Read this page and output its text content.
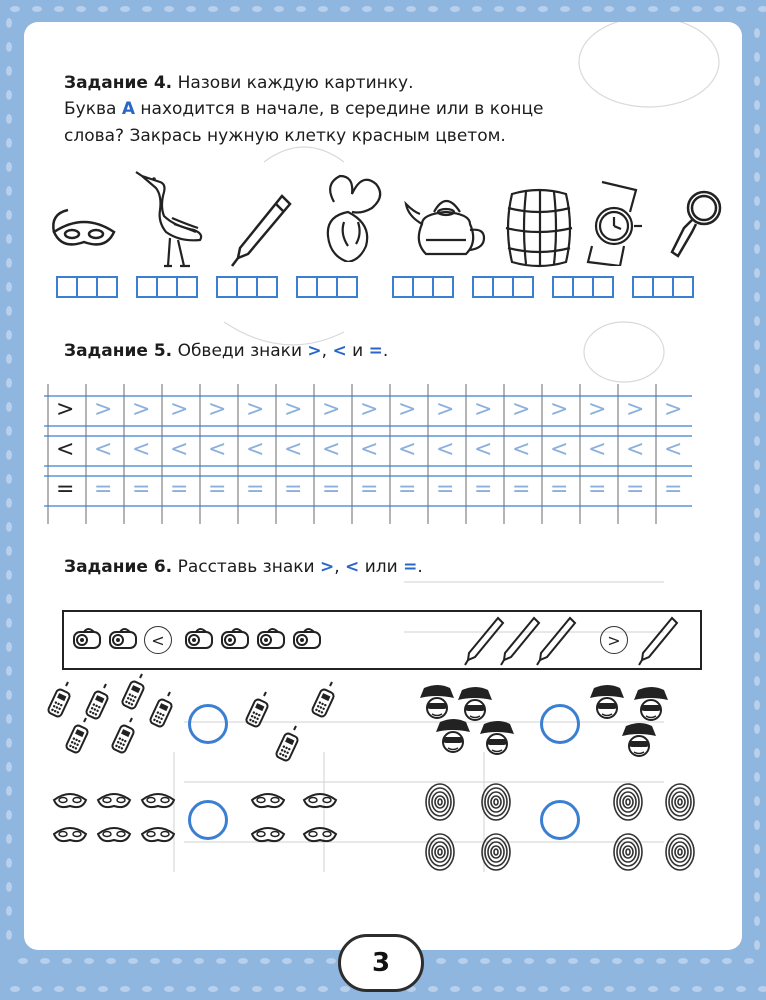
Задание 4. Назови каждую картинку.
Буква А находится в начале, в середине или в конце
слова? Закрась нужную клетку красным цветом.
Задание 5. Обведи знаки >, < и =.
> > > > > > > > > > > > > > > > >
< < < < < < < < < < < < < < < < <
= = = = = = = = = = = = = = = = =
Задание 6. Расставь знаки >, < или =.
<	>
3
